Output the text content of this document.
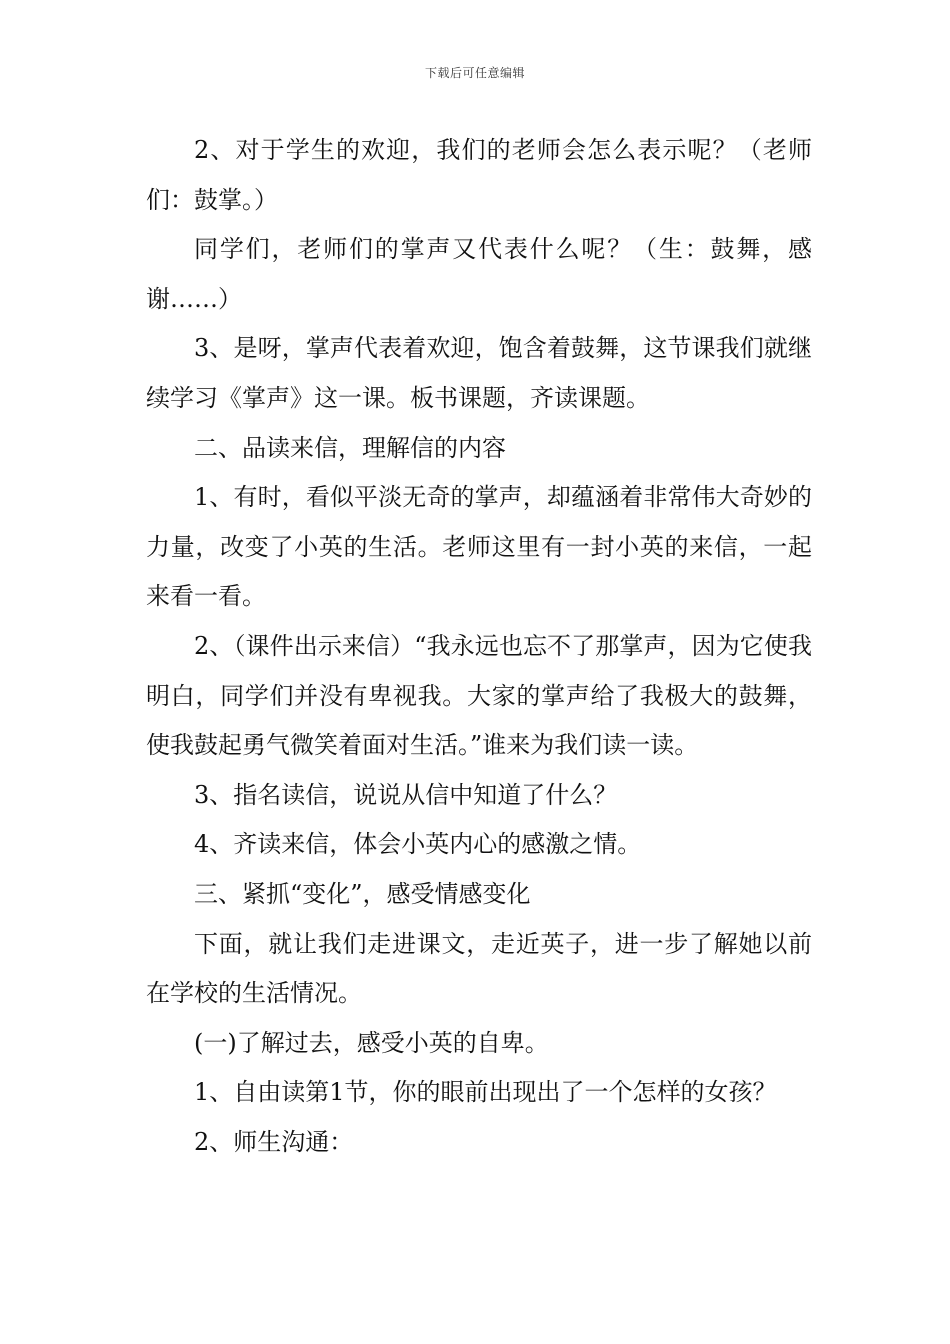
下载后可任意编辑

2、对于学生的欢迎，我们的老师会怎么表示呢？（老师们：鼓掌。）

同学们，老师们的掌声又代表什么呢？（生：鼓舞，感谢……）

3、是呀，掌声代表着欢迎，饱含着鼓舞，这节课我们就继续学习《掌声》这一课。板书课题，齐读课题。

二、品读来信，理解信的内容

1、有时，看似平淡无奇的掌声，却蕴涵着非常伟大奇妙的力量，改变了小英的生活。老师这里有一封小英的来信，一起来看一看。

2、（课件出示来信）“我永远也忘不了那掌声，因为它使我明白，同学们并没有卑视我。大家的掌声给了我极大的鼓舞，使我鼓起勇气微笑着面对生活。”谁来为我们读一读。

3、指名读信，说说从信中知道了什么？

4、齐读来信，体会小英内心的感激之情。

三、紧抓“变化”，感受情感变化

下面，就让我们走进课文，走近英子，进一步了解她以前在学校的生活情况。

(一)了解过去，感受小英的自卑。

1、自由读第1节，你的眼前出现出了一个怎样的女孩？

2、师生沟通：
